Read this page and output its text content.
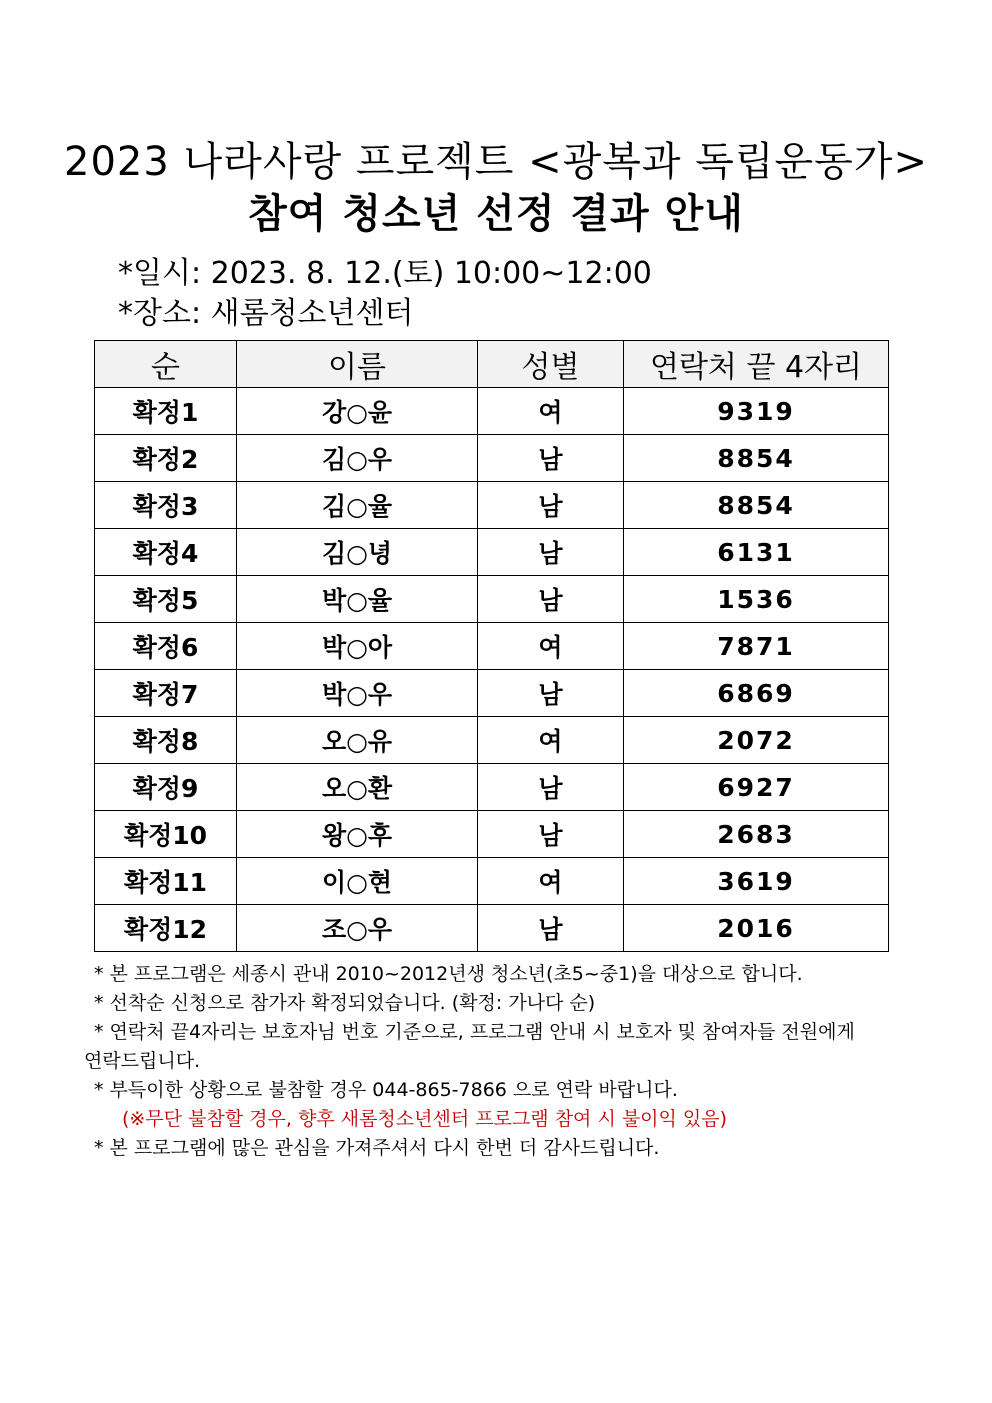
2023 나라사랑 프로젝트 <광복과 독립운동가>
참여 청소년 선정 결과 안내
*일시: 2023. 8. 12.(토) 10:00~12:00
*장소: 새롬청소년센터
순	이름	성별	연락처 끝 4자리
확정1	강○윤	여	9319
확정2	김○우	남	8854
확정3	김○율	남	8854
확정4	김○녕	남	6131
확정5	박○율	남	1536
확정6	박○아	여	7871
확정7	박○우	남	6869
확정8	오○유	여	2072
확정9	오○환	남	6927
확정10	왕○후	남	2683
확정11	이○현	여	3619
확정12	조○우	남	2016

* 본 프로그램은 세종시 관내 2010~2012년생 청소년(초5~중1)을 대상으로 합니다.

* 선착순 신청으로 참가자 확정되었습니다. (확정: 가나다 순)

* 연락처 끝4자리는 보호자님 번호 기준으로, 프로그램 안내 시 보호자 및 참여자들 전원에게

연락드립니다.

* 부득이한 상황으로 불참할 경우 044-865-7866 으로 연락 바랍니다.

(※무단 불참할 경우, 향후 새롬청소년센터 프로그램 참여 시 불이익 있음)

* 본 프로그램에 많은 관심을 가져주셔서 다시 한번 더 감사드립니다.
